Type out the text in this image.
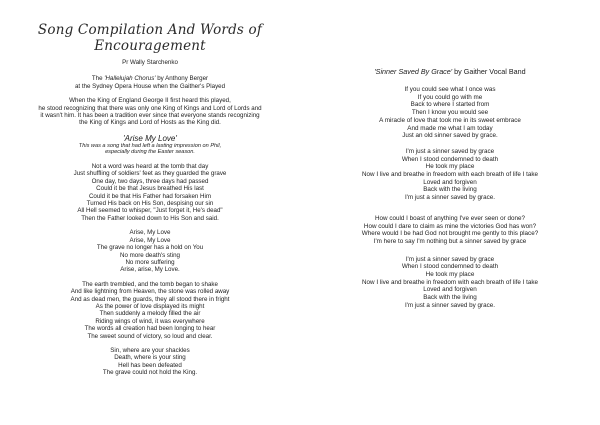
Song Compilation And Words of Encouragement
Pr Wally Starchenko
The 'Hallelujah Chorus' by Anthony Berger
at the Sydney Opera House when the Gaither's Played
When the King of England George II first heard this played,
he stood recognizing that there was only one King of Kings and Lord of Lords and
it wasn't him. It has been a tradition ever since that everyone stands recognizing
the King of Kings and Lord of Hosts as the King did.
'Arise My Love'
This was a song that had left a lasting impression on Phil,
especially during the Easter season.
Not a word was heard at the tomb that day
Just shuffling of soldiers' feet as they guarded the grave
One day, two days, three days had passed
Could it be that Jesus breathed His last
Could it be that His Father had forsaken Him
Turned His back on His Son, despising our sin
All Hell seemed to whisper, "Just forget it, He's dead"
Then the Father looked down to His Son and said.
Arise, My Love
Arise, My Love
The grave no longer has a hold on You
No more death's sting
No more suffering
Arise, arise, My Love.
The earth trembled, and the tomb began to shake
And like lightning from Heaven, the stone was rolled away
And as dead men, the guards, they all stood there in fright
As the power of love displayed its might
Then suddenly a melody filled the air
Riding wings of wind, it was everywhere
The words all creation had been longing to hear
The sweet sound of victory, so loud and clear.
Sin, where are your shackles
Death, where is your sting
Hell has been defeated
The grave could not hold the King.
'Sinner Saved By Grace' by Gaither Vocal Band
If you could see what I once was
If you could go with me
Back to where I started from
Then I know you would see
A miracle of love that took me in its sweet embrace
And made me what I am today
Just an old sinner saved by grace.
I'm just a sinner saved by grace
When I stood condemned to death
He took my place
Now I live and breathe in freedom with each breath of life I take
Loved and forgiven
Back with the living
I'm just a sinner saved by grace.
How could I boast of anything I've ever seen or done?
How could I dare to claim as mine the victories God has won?
Where would I be had God not brought me gently to this place?
I'm here to say I'm nothing but a sinner saved by grace
I'm just a sinner saved by grace
When I stood condemned to death
He took my place
Now I live and breathe in freedom with each breath of life I take
Loved and forgiven
Back with the living
I'm just a sinner saved by grace.
